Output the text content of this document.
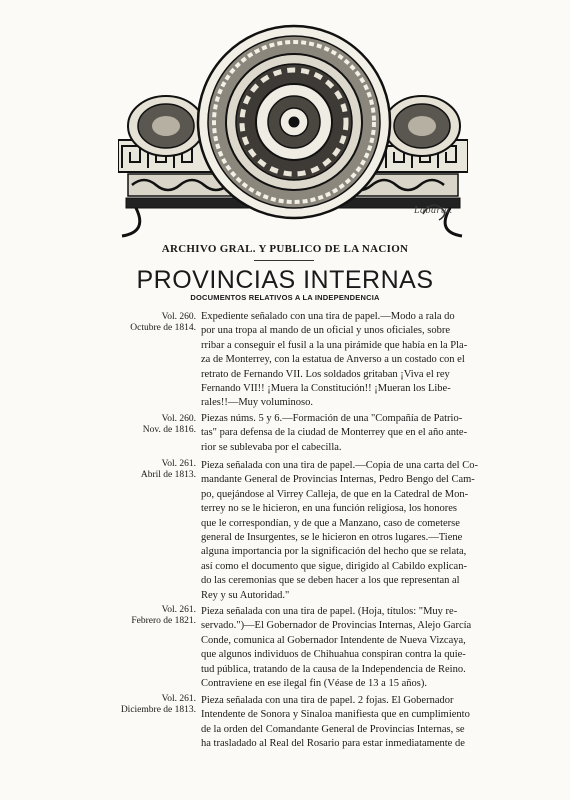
Labarta.
ARCHIVO GRAL. Y PUBLICO DE LA NACION
PROVINCIAS INTERNAS
DOCUMENTOS RELATIVOS A LA INDEPENDENCIA
Vol. 260.
Octubre de 1814.
Expediente señalado con una tira de papel.—Modo a rala do
por una tropa al mando de un oficial y unos oficiales, sobre
rribar a conseguir el fusil a la una pirámide que había en la Pla-
za de Monterrey, con la estatua de Anverso a un costado con el
retrato de Fernando VII. Los soldados gritaban ¡Viva el rey
Fernando VII!! ¡Muera la Constitución!! ¡Mueran los Libe-
rales!!—Muy voluminoso.
Vol. 260.
Nov. de 1816.
Piezas núms. 5 y 6.—Formación de una "Compañía de Patrio-
tas" para defensa de la ciudad de Monterrey que en el año ante-
rior se sublevaba por el cabecilla.
Vol. 261.
Abril de 1813.
Pieza señalada con una tira de papel.—Copia de una carta del Co-
mandante General de Provincias Internas, Pedro Bengo del Cam-
po, quejándose al Virrey Calleja, de que en la Catedral de Mon-
terrey no se le hicieron, en una función religiosa, los honores
que le correspondían, y de que a Manzano, caso de cometerse
general de Insurgentes, se le hicieron en otros lugares.—Tiene
alguna importancia por la significación del hecho que se relata,
así como el documento que sigue, dirigido al Cabildo explican-
do las ceremonias que se deben hacer a los que representan al
Rey y su Autoridad."
Vol. 261.
Febrero de 1821.
Pieza señalada con una tira de papel. (Hoja, títulos: "Muy re-
servado.")—El Gobernador de Provincias Internas, Alejo García
Conde, comunica al Gobernador Intendente de Nueva Vizcaya,
que algunos individuos de Chihuahua conspiran contra la quie-
tud pública, tratando de la causa de la Independencia de Reino.
Contraviene en ese ilegal fin (Véase de 13 a 15 años).
Vol. 261.
Diciembre de 1813.
Pieza señalada con una tira de papel. 2 fojas. El Gobernador
Intendente de Sonora y Sinaloa manifiesta que en cumplimiento
de la orden del Comandante General de Provincias Internas, se
ha trasladado al Real del Rosario para estar inmediatamente de
